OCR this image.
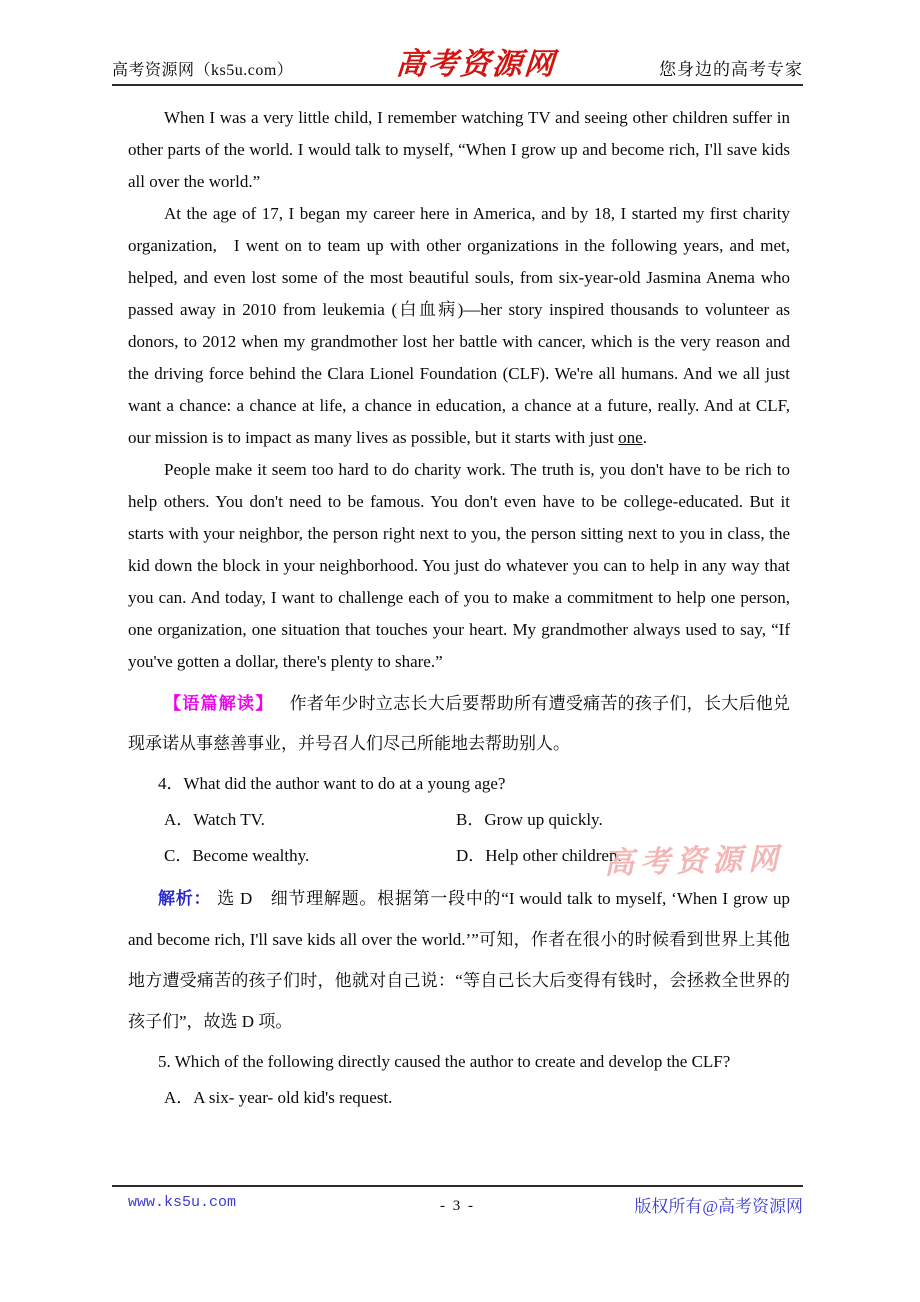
高考资源网（ks5u.com）	高考资源网	您身边的高考专家

When I was a very little child, I remember watching TV and seeing other children suffer in other parts of the world. I would talk to myself, “When I grow up and become rich, I'll save kids all over the world.”

At the age of 17, I began my career here in America, and by 18, I started my first charity organization,  I went on to team up with other organizations in the following years, and met, helped, and even lost some of the most beautiful souls, from six-year-old Jasmina Anema who passed away in 2010 from leukemia (白血病)—her story inspired thousands to volunteer as donors, to 2012 when my grandmother lost her battle with cancer, which is the very reason and the driving force behind the Clara Lionel Foundation (CLF). We're all humans. And we all just want a chance: a chance at life, a chance in education, a chance at a future, really. And at CLF, our mission is to impact as many lives as possible, but it starts with just one.

People make it seem too hard to do charity work. The truth is, you don't have to be rich to help others. You don't need to be famous. You don't even have to be college-educated. But it starts with your neighbor, the person right next to you, the person sitting next to you in class, the kid down the block in your neighborhood. You just do whatever you can to help in any way that you can. And today, I want to challenge each of you to make a commitment to help one person, one organization, one situation that touches your heart. My grandmother always used to say, “If you've gotten a dollar, there's plenty to share.”

【语篇解读】 作者年少时立志长大后要帮助所有遭受痛苦的孩子们，长大后他兑现承诺从事慈善事业，并号召人们尽己所能地去帮助别人。

4．What did the author want to do at a young age?

A．Watch TV.	B．Grow up quickly.
C．Become wealthy.	D．Help other children.

解析： 选 D　细节理解题。根据第一段中的“I would talk to myself, ‘When I grow up and become rich, I'll save kids all over the world.’”可知，作者在很小的时候看到世界上其他地方遭受痛苦的孩子们时，他就对自己说：“等自己长大后变得有钱时，会拯救全世界的孩子们”，故选 D 项。

5. Which of the following directly caused the author to create and develop the CLF?

A．A six- year- old kid's request.

高考资源网
www.ks5u.com	- 3 -	版权所有@高考资源网
